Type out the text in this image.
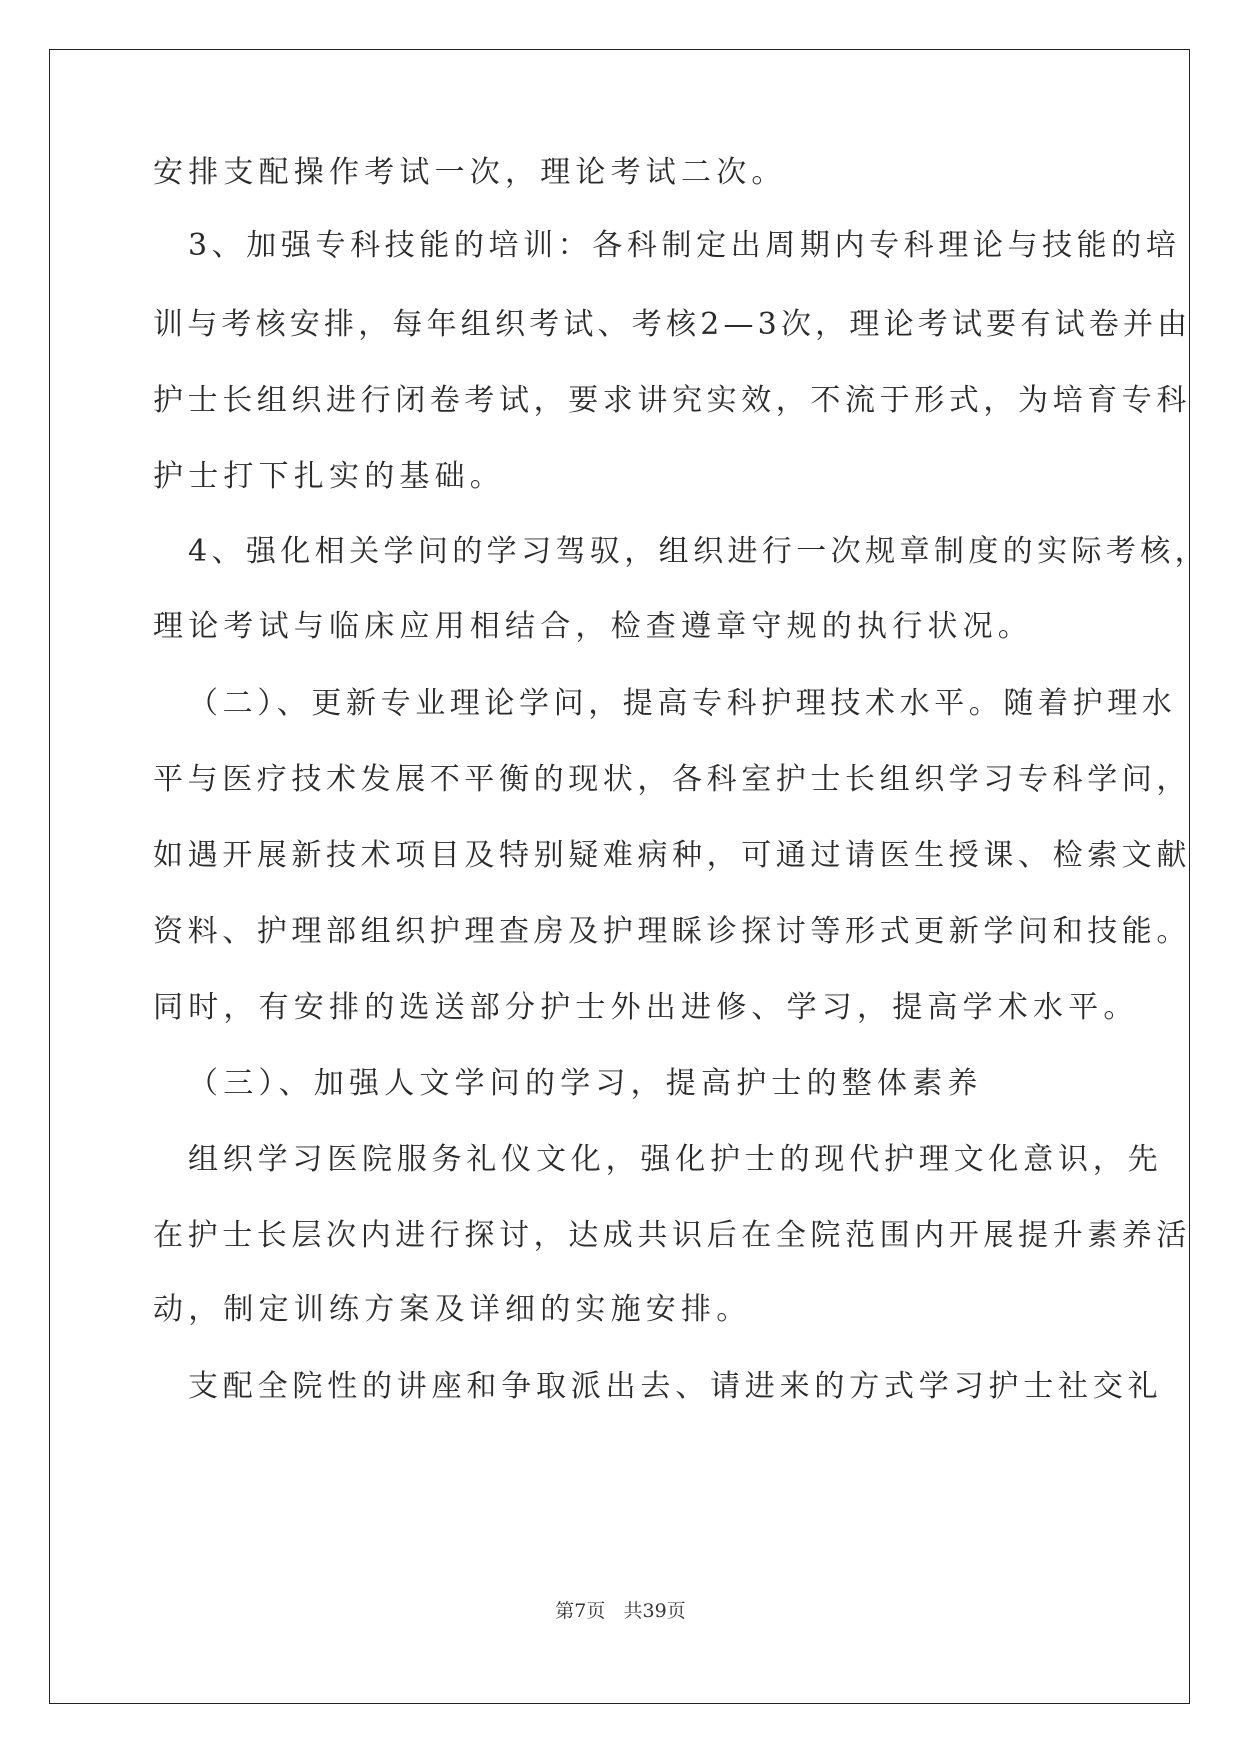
安排支配操作考试一次，理论考试二次。
3、加强专科技能的培训：各科制定出周期内专科理论与技能的培
训与考核安排，每年组织考试、考核2—3次，理论考试要有试卷并由
护士长组织进行闭卷考试，要求讲究实效，不流于形式，为培育专科
护士打下扎实的基础。
4、强化相关学问的学习驾驭，组织进行一次规章制度的实际考核，
理论考试与临床应用相结合，检查遵章守规的执行状况。
（二）、更新专业理论学问，提高专科护理技术水平。随着护理水
平与医疗技术发展不平衡的现状，各科室护士长组织学习专科学问，
如遇开展新技术项目及特别疑难病种，可通过请医生授课、检索文献
资料、护理部组织护理查房及护理睬诊探讨等形式更新学问和技能。
同时，有安排的选送部分护士外出进修、学习，提高学术水平。
（三）、加强人文学问的学习，提高护士的整体素养
组织学习医院服务礼仪文化，强化护士的现代护理文化意识，先
在护士长层次内进行探讨，达成共识后在全院范围内开展提升素养活
动，制定训练方案及详细的实施安排。
支配全院性的讲座和争取派出去、请进来的方式学习护士社交礼
第7页 共39页
